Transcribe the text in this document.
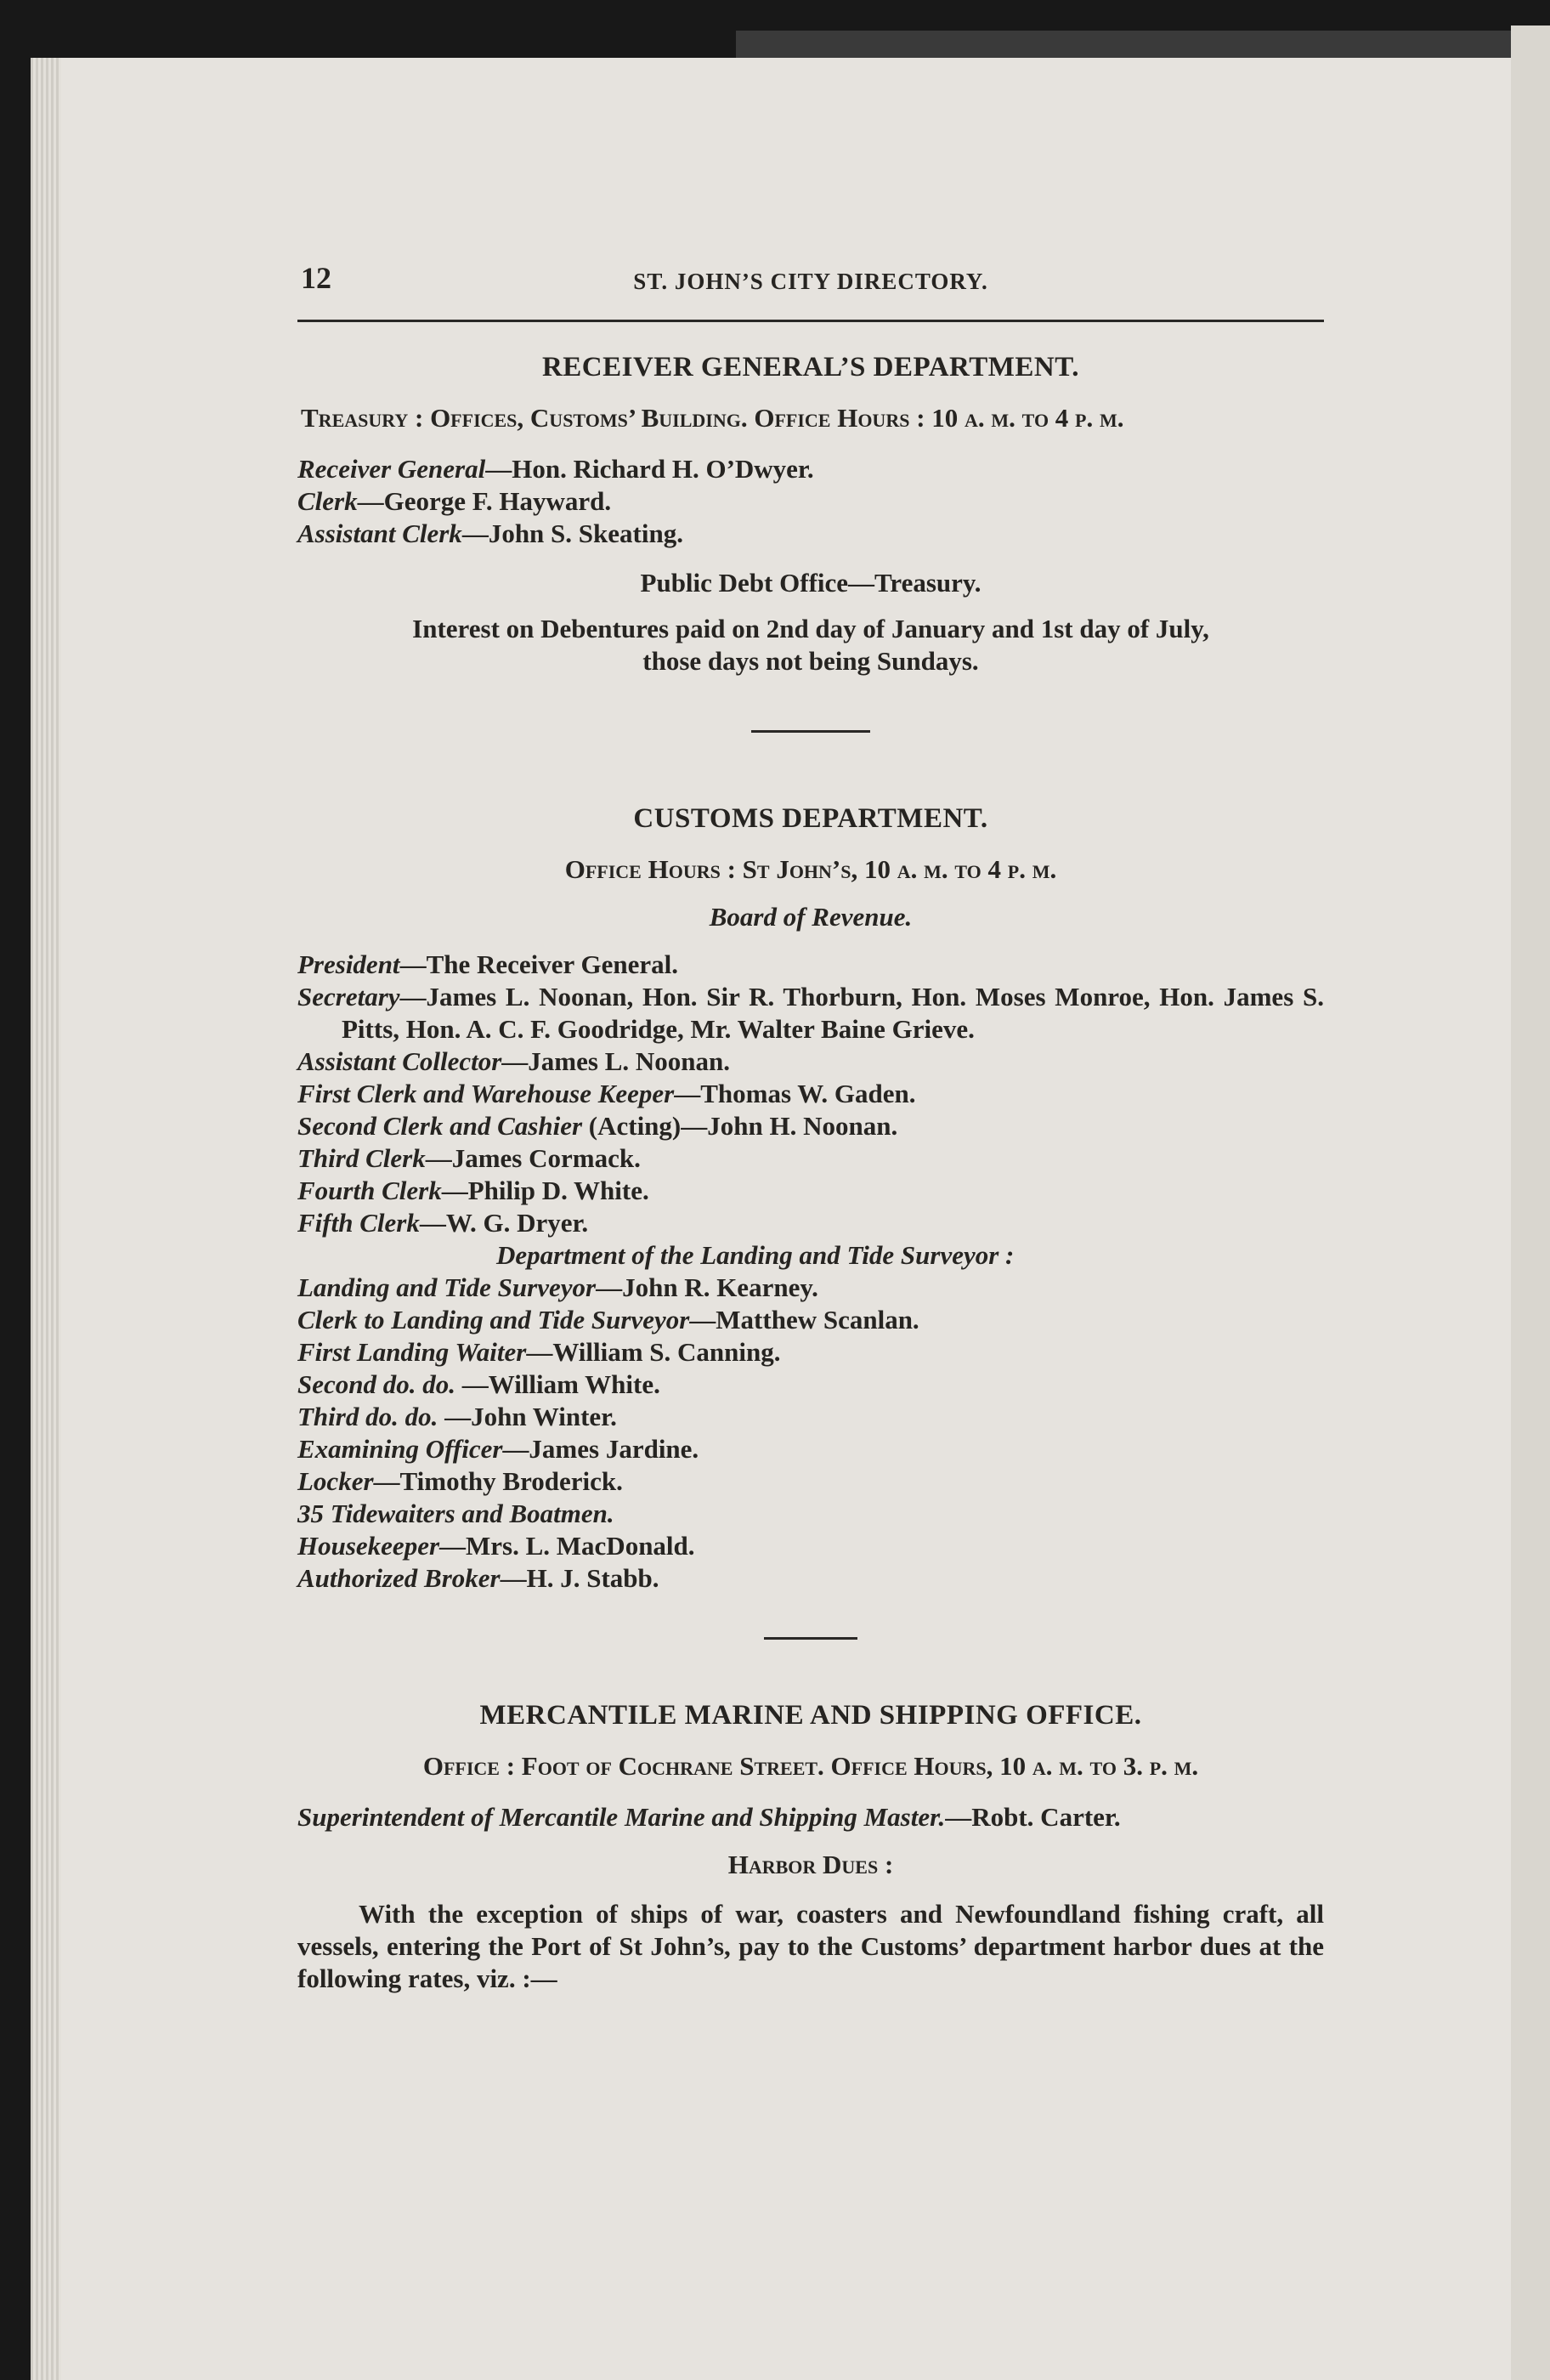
12	ST. JOHN’S CITY DIRECTORY.
RECEIVER GENERAL’S DEPARTMENT.
Treasury : Offices, Customs’ Building. Office Hours : 10 a. m. to 4 p. m.
Receiver General—Hon. Richard H. O’Dwyer.
Clerk—George F. Hayward.
Assistant Clerk—John S. Skeating.
Public Debt Office—Treasury.
Interest on Debentures paid on 2nd day of January and 1st day of July,
those days not being Sundays.
CUSTOMS DEPARTMENT.
Office Hours : St John’s, 10 a. m. to 4 p. m.
Board of Revenue.
President—The Receiver General.
Secretary—James L. Noonan, Hon. Sir R. Thorburn, Hon. Moses Monroe, Hon. James S. Pitts, Hon. A. C. F. Goodridge, Mr. Walter Baine Grieve.
Assistant Collector—James L. Noonan.
First Clerk and Warehouse Keeper—Thomas W. Gaden.
Second Clerk and Cashier (Acting)—John H. Noonan.
Third Clerk—James Cormack.
Fourth Clerk—Philip D. White.
Fifth Clerk—W. G. Dryer.
Department of the Landing and Tide Surveyor :
Landing and Tide Surveyor—John R. Kearney.
Clerk to Landing and Tide Surveyor—Matthew Scanlan.
First Landing Waiter—William S. Canning.
Second do. do. —William White.
Third do. do. —John Winter.
Examining Officer—James Jardine.
Locker—Timothy Broderick.
35 Tidewaiters and Boatmen.
Housekeeper—Mrs. L. MacDonald.
Authorized Broker—H. J. Stabb.
MERCANTILE MARINE AND SHIPPING OFFICE.
Office : Foot of Cochrane Street. Office Hours, 10 a. m. to 3. p. m.
Superintendent of Mercantile Marine and Shipping Master.—Robt. Carter.
Harbor Dues :
With the exception of ships of war, coasters and Newfoundland fishing craft, all vessels, entering the Port of St John’s, pay to the Customs’ department harbor dues at the following rates, viz. :—
